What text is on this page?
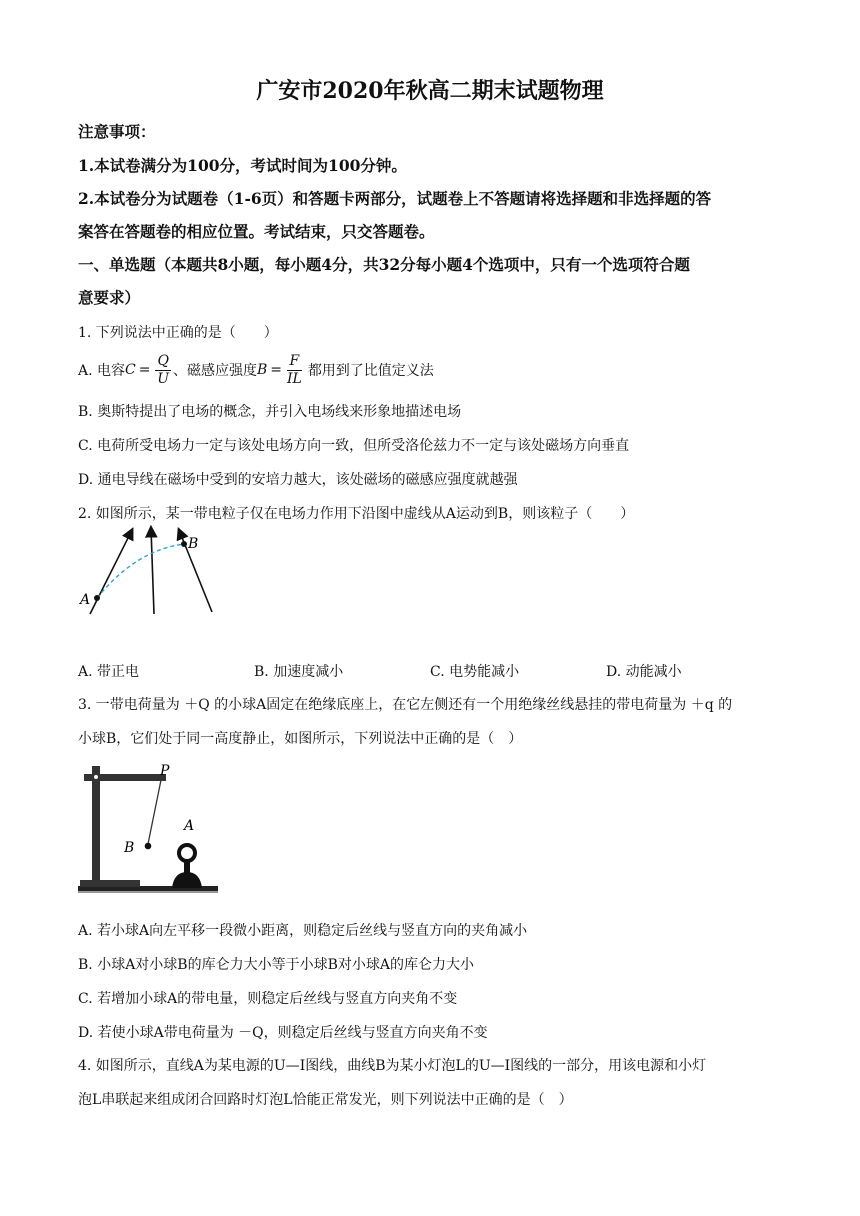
广安市2020年秋高二期末试题物理
注意事项：
1.本试卷满分为100分，考试时间为100分钟。
2.本试卷分为试题卷（1-6页）和答题卡两部分，试题卷上不答题请将选择题和非选择题的答
案答在答题卷的相应位置。考试结束，只交答题卷。
一、单选题（本题共8小题，每小题4分，共32分每小题4个选项中，只有一个选项符合题
意要求）
1. 下列说法中正确的是（　　）
A. 电容 $C = \frac{Q}{U}$ 、磁感应强度 $B = \frac{F}{IL}$ 都用到了比值定义法
B. 奥斯特提出了电场的概念，并引入电场线来形象地描述电场
C. 电荷所受电场力一定与该处电场方向一致，但所受洛伦兹力不一定与该处磁场方向垂直
D. 通电导线在磁场中受到的安培力越大，该处磁场的磁感应强度就越强
2. 如图所示，某一带电粒子仅在电场力作用下沿图中虚线从A运动到B，则该粒子（　　）
A
B
A. 带正电	B. 加速度减小	C. 电势能减小	D. 动能减小
3. 一带电荷量为 ＋Q 的小球A固定在绝缘底座上，在它左侧还有一个用绝缘丝线悬挂的带电荷量为 ＋q 的
小球B，它们处于同一高度静止，如图所示，下列说法中正确的是（　）
P
B
A
A. 若小球A向左平移一段微小距离，则稳定后丝线与竖直方向的夹角减小
B. 小球A对小球B的库仑力大小等于小球B对小球A的库仑力大小
C. 若增加小球A的带电量，则稳定后丝线与竖直方向夹角不变
D. 若使小球A带电荷量为 －Q，则稳定后丝线与竖直方向夹角不变
4. 如图所示，直线A为某电源的U—I图线，曲线B为某小灯泡L的U—I图线的一部分，用该电源和小灯
泡L串联起来组成闭合回路时灯泡L恰能正常发光，则下列说法中正确的是（　）
